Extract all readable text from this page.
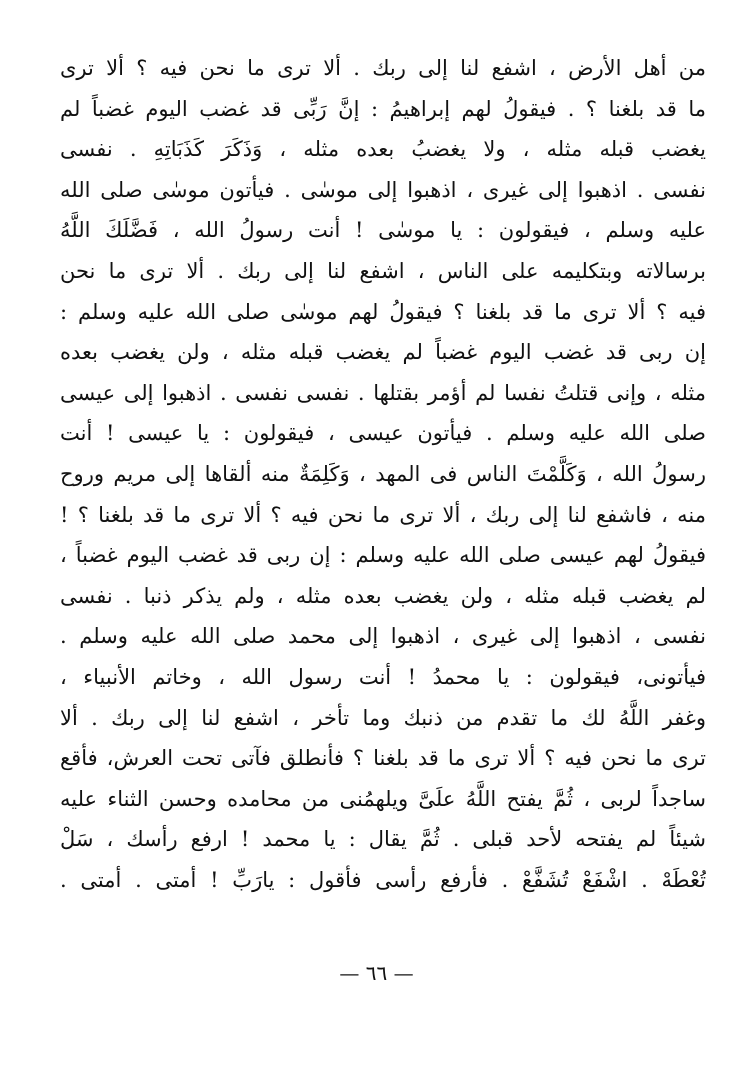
من أهل الأرض ، اشفع لنا إلى ربك . ألا ترى ما نحن فيه ؟ ألا ترى
ما قد بلغنا ؟ . فيقولُ لهم إبراهيمُ : إنَّ رَبِّى قد غضب اليوم غضباً لم
يغضب قبله مثله ، ولا يغضبُ بعده مثله ، وَذَكَرَ كَذَبَاتِهِ . نفسى
نفسى . اذهبوا إلى غيرى ، اذهبوا إلى موسٰى . فيأتون موسٰى صلى الله
عليه وسلم ، فيقولون : يا موسٰى ! أنت رسولُ الله ، فَضَّلَكَ اللَّهُ
برسالاته وبتكليمه على الناس ، اشفع لنا إلى ربك . ألا ترى ما نحن
فيه ؟ ألا ترى ما قد بلغنا ؟ فيقولُ لهم موسٰى صلى الله عليه وسلم :
إن ربى قد غضب اليوم غضباً لم يغضب قبله مثله ، ولن يغضب بعده
مثله ، وإنى قتلتُ نفسا لم أؤمر بقتلها . نفسى نفسى . اذهبوا إلى عيسى
صلى الله عليه وسلم . فيأتون عيسى ، فيقولون : يا عيسى ! أنت
رسولُ الله ، وَكَلَّمْتَ الناس فى المهد ، وَكَلِمَةٌ منه ألقاها إلى مريم وروح
منه ، فاشفع لنا إلى ربك ، ألا ترى ما نحن فيه ؟ ألا ترى ما قد بلغنا ؟ !
فيقولُ لهم عيسى صلى الله عليه وسلم : إن ربى قد غضب اليوم غضباً ،
لم يغضب قبله مثله ، ولن يغضب بعده مثله ، ولم يذكر ذنبا . نفسى
نفسى ، اذهبوا إلى غيرى ، اذهبوا إلى محمد صلى الله عليه وسلم .
فيأتونى، فيقولون : يا محمدُ ! أنت رسول الله ، وخاتم الأنبياء ،
وغفر اللَّهُ لك ما تقدم من ذنبك وما تأخر ، اشفع لنا إلى ربك . ألا
ترى ما نحن فيه ؟ ألا ترى ما قد بلغنا ؟ فأنطلق فآتى تحت العرش، فأقع
ساجداً لربى ، ثُمَّ يفتح اللَّهُ علَىَّ ويلهمُنى من محامده وحسن الثناء عليه
شيئاً لم يفتحه لأحد قبلى . ثُمَّ يقال : يا محمد ! ارفع رأسك ، سَلْ
تُعْطَهْ . اشْفَعْ تُشَفَّعْ . فأرفع رأسى فأقول : يارَبِّ ! أمتى . أمتى .
— ٦٦ —
